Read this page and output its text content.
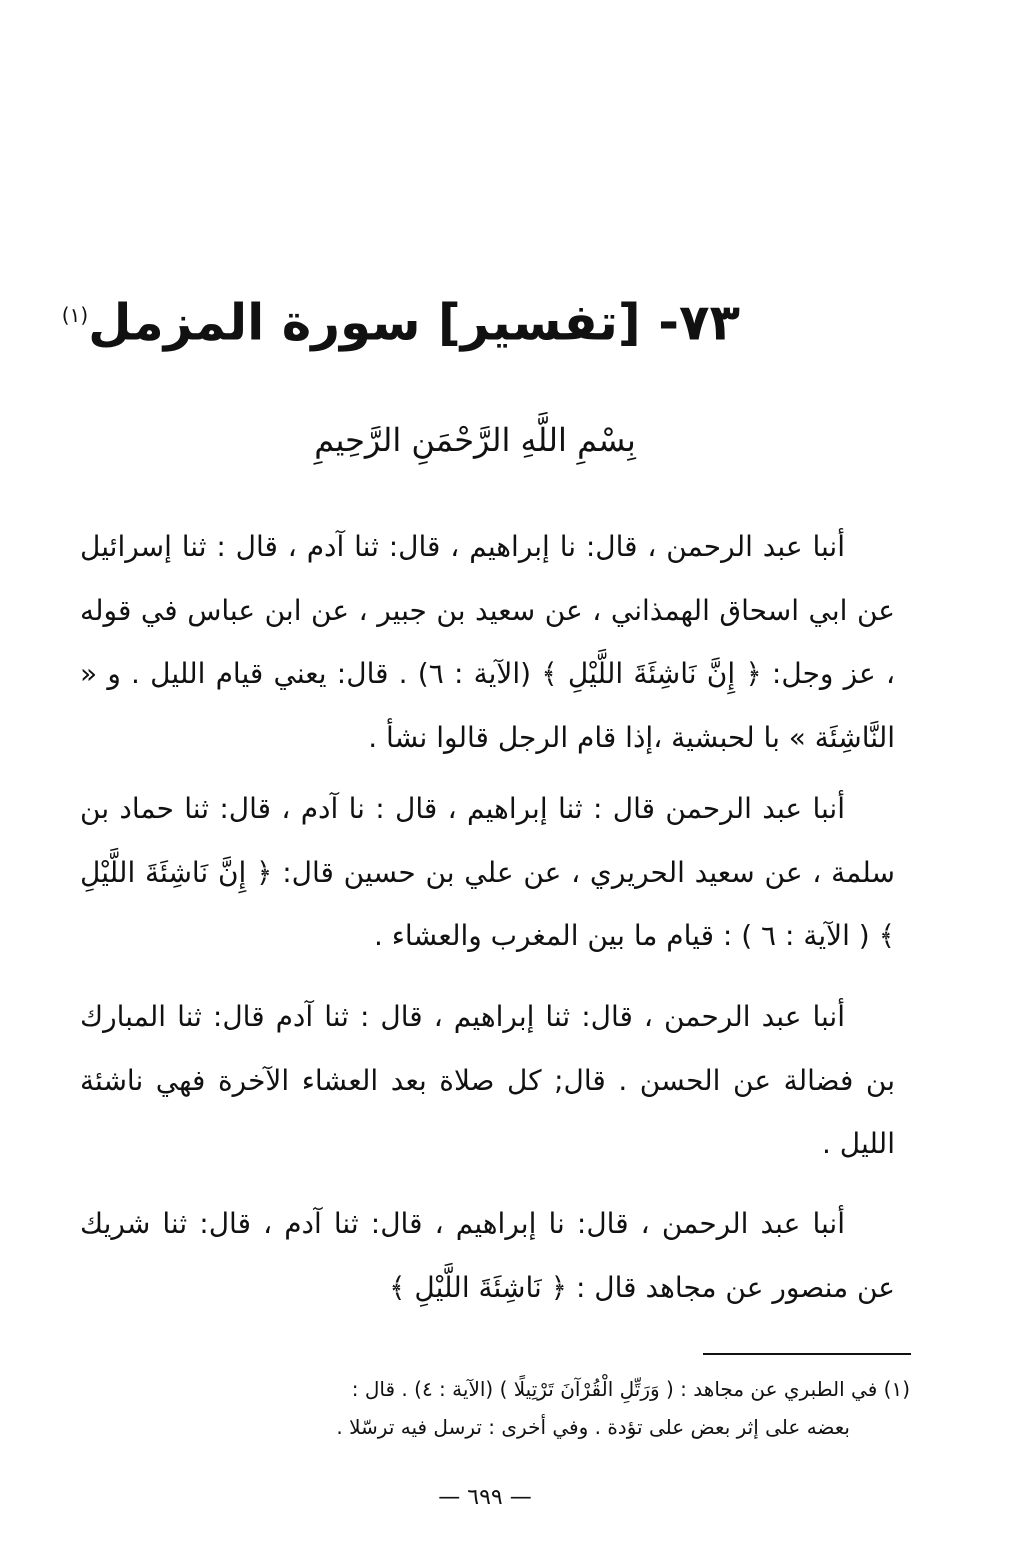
٧٣- [تفسير] سورة المزمل$^{(١)}$
بِسْمِ اللَّهِ الرَّحْمَنِ الرَّحِيمِ

أنبا عبد الرحمن ، قال: نا إبراهيم ، قال: ثنا آدم ، قال : ثنا إسرائيل عن ابي اسحاق الهمذاني ، عن سعيد بن جبير ، عن ابن عباس في قوله ، عز وجل: ﴿ إِنَّ نَاشِئَةَ اللَّيْلِ ﴾ (الآية : ٦) . قال: يعني قيام الليل . و « النَّاشِئَة » با لحبشية ،إذا قام الرجل قالوا نشأ .

أنبا عبد الرحمن قال : ثنا إبراهيم ، قال : نا آدم ، قال: ثنا حماد بن سلمة ، عن سعيد الحريري ، عن علي بن حسين قال: ﴿ إِنَّ نَاشِئَةَ اللَّيْلِ ﴾ ( الآية : ٦ ) : قيام ما بين المغرب والعشاء .

أنبا عبد الرحمن ، قال: ثنا إبراهيم ، قال : ثنا آدم قال: ثنا المبارك بن فضالة عن الحسن . قال; كل صلاة بعد العشاء الآخرة فهي ناشئة الليل .

أنبا عبد الرحمن ، قال: نا إبراهيم ، قال: ثنا آدم ، قال: ثنا شريك عن منصور عن مجاهد قال : ﴿ نَاشِئَةَ اللَّيْلِ ﴾

(١) في الطبري عن مجاهد : ( وَرَتِّلِ الْقُرْآنَ تَرْتِيلًا ) (الآية : ٤) . قال :

بعضه على إثر بعض على تؤدة . وفي أخرى : ترسل فيه ترسّلا .

— ٦٩٩ —
